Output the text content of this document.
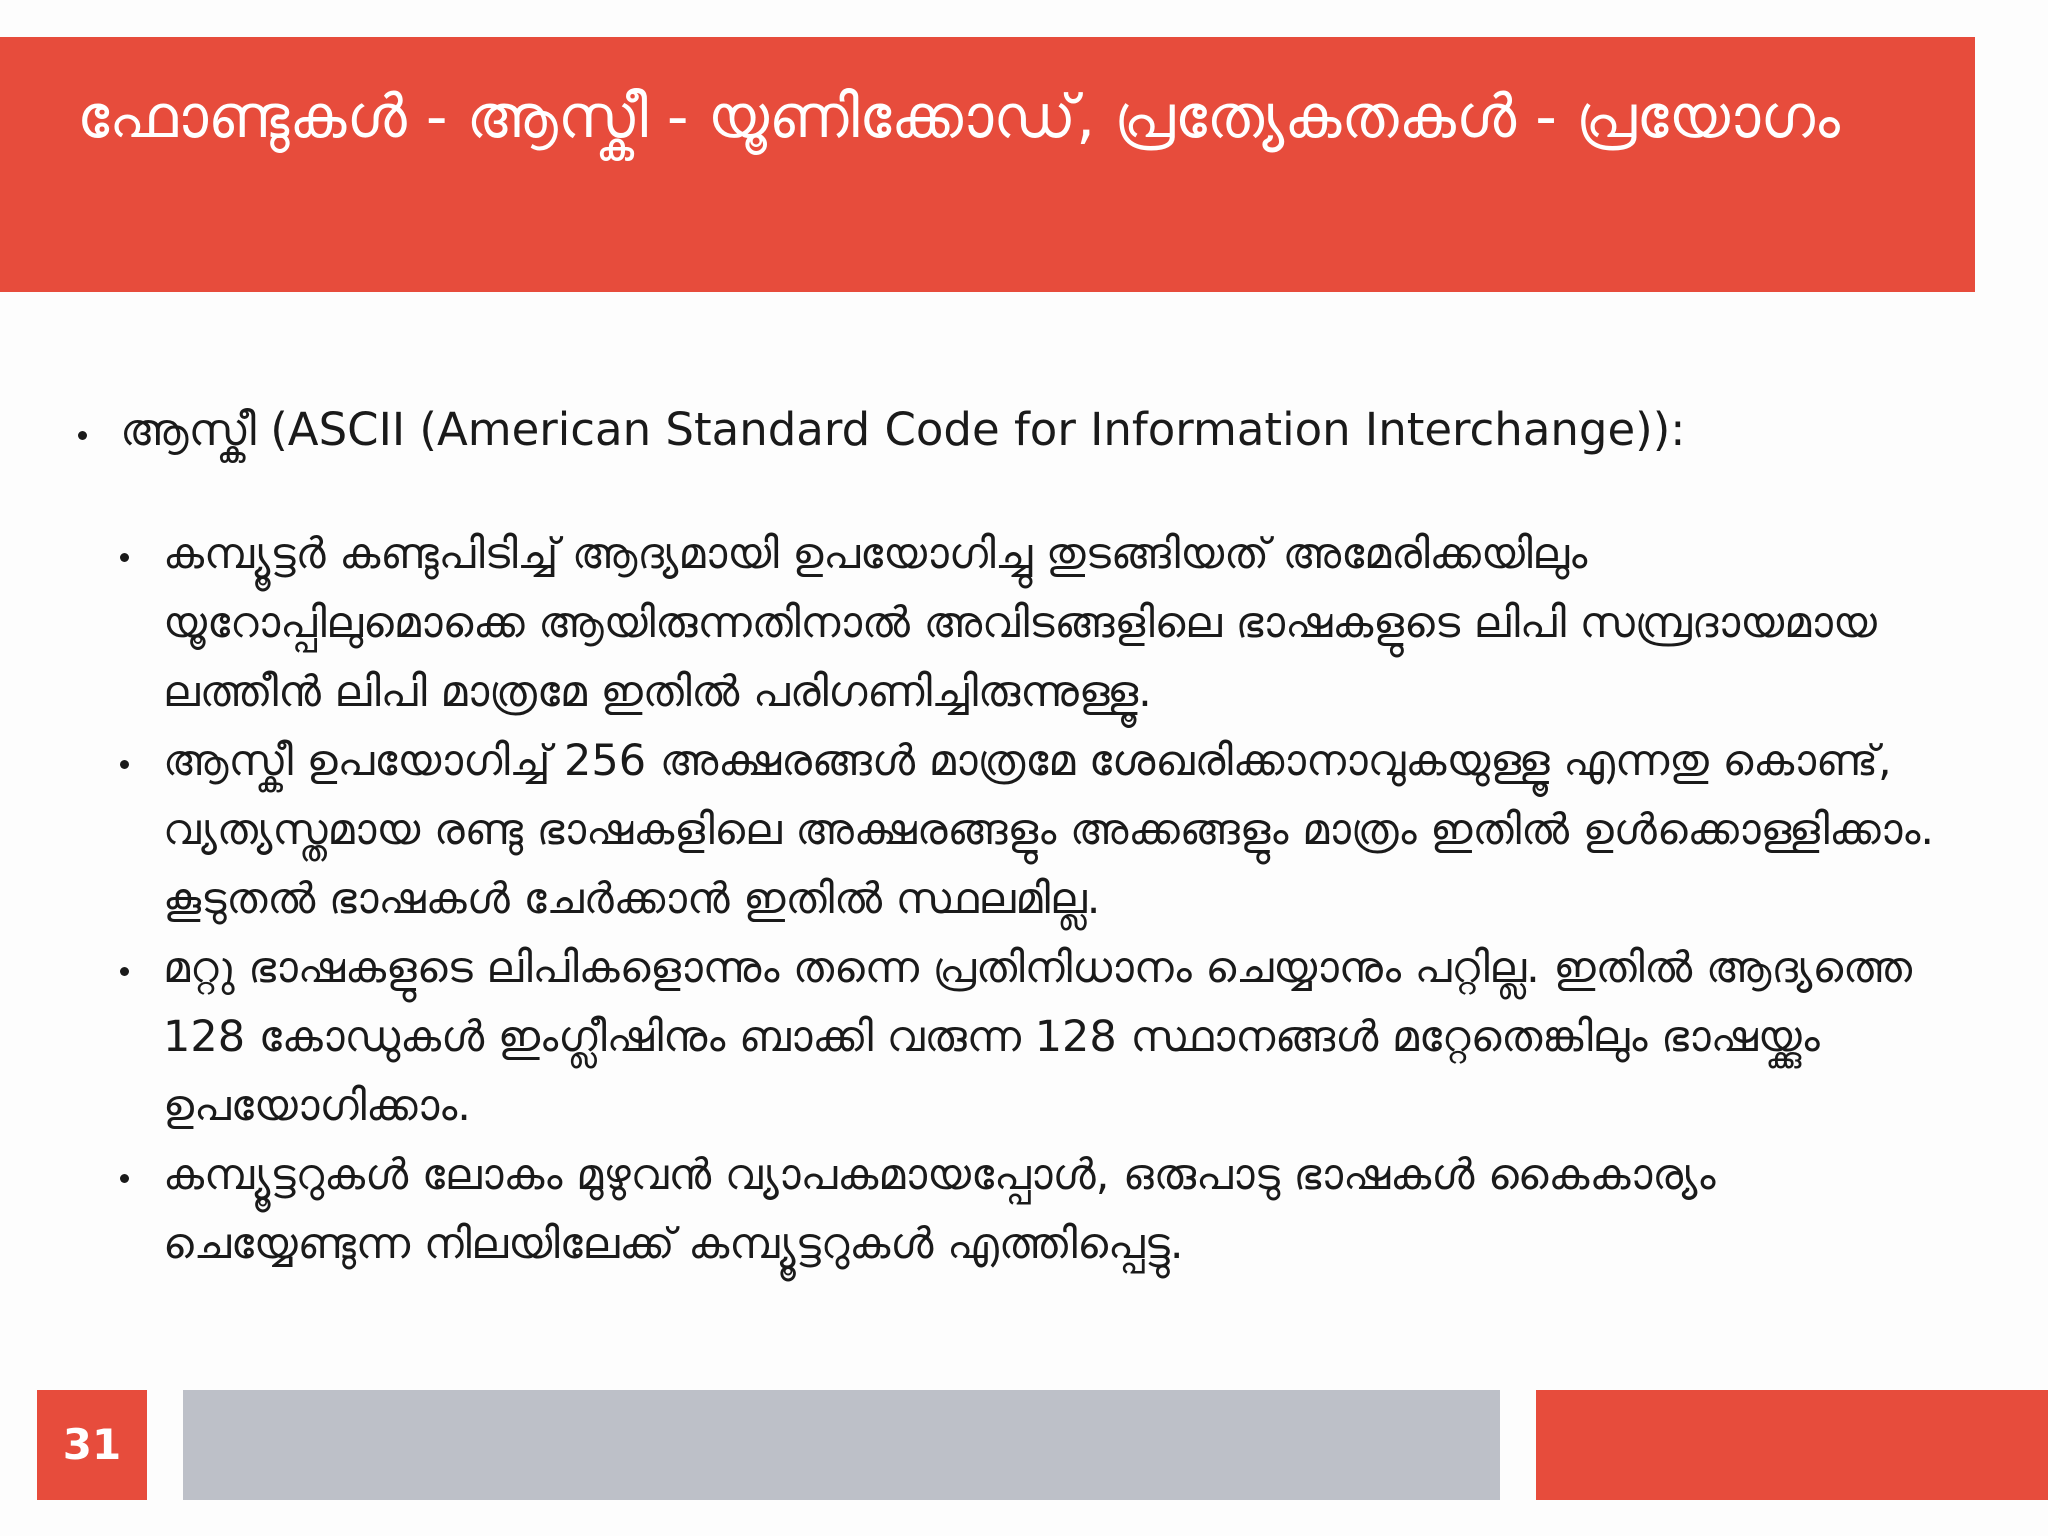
ഫോണ്ടുകൾ - ആസ്കീ - യൂണിക്കോഡ്, പ്രത്യേകതകൾ - പ്രയോഗം
ആസ്കീ (ASCII (American Standard Code for Information Interchange)):
കമ്പ്യൂട്ടർ കണ്ടുപിടിച്ച് ആദ്യമായി ഉപയോഗിച്ചു തുടങ്ങിയത് അമേരിക്കയിലും യൂറോപ്പിലുമൊക്കെ ആയിരുന്നതിനാൽ അവിടങ്ങളിലെ ഭാഷകളുടെ ലിപി സമ്പ്രദായമായ ലത്തീൻ ലിപി മാത്രമേ ഇതിൽ പരിഗണിച്ചിരുന്നുള്ളൂ.
ആസ്കീ ഉപയോഗിച്ച് 256 അക്ഷരങ്ങൾ മാത്രമേ ശേഖരിക്കാനാവുകയുള്ളൂ എന്നതു കൊണ്ട്, വ്യത്യസ്തമായ രണ്ടു ഭാഷകളിലെ അക്ഷരങ്ങളും അക്കങ്ങളും മാത്രം ഇതിൽ ഉൾക്കൊള്ളിക്കാം. കൂടുതൽ ഭാഷകൾ ചേർക്കാൻ ഇതിൽ സ്ഥലമില്ല.
മറ്റു ഭാഷകളുടെ ലിപികളൊന്നും തന്നെ പ്രതിനിധാനം ചെയ്യാനും പറ്റില്ല. ഇതിൽ ആദ്യത്തെ 128 കോഡുകൾ ഇംഗ്ലീഷിനും ബാക്കി വരുന്ന 128 സ്ഥാനങ്ങൾ മറ്റേതെങ്കിലും ഭാഷയ്ക്കും ഉപയോഗിക്കാം.
കമ്പ്യൂട്ടറുകൾ ലോകം മുഴുവൻ വ്യാപകമായപ്പോൾ, ഒരുപാടു ഭാഷകൾ കൈകാര്യം ചെയ്യേണ്ടുന്ന നിലയിലേക്ക് കമ്പ്യൂട്ടറുകൾ എത്തിപ്പെട്ടു.
31
